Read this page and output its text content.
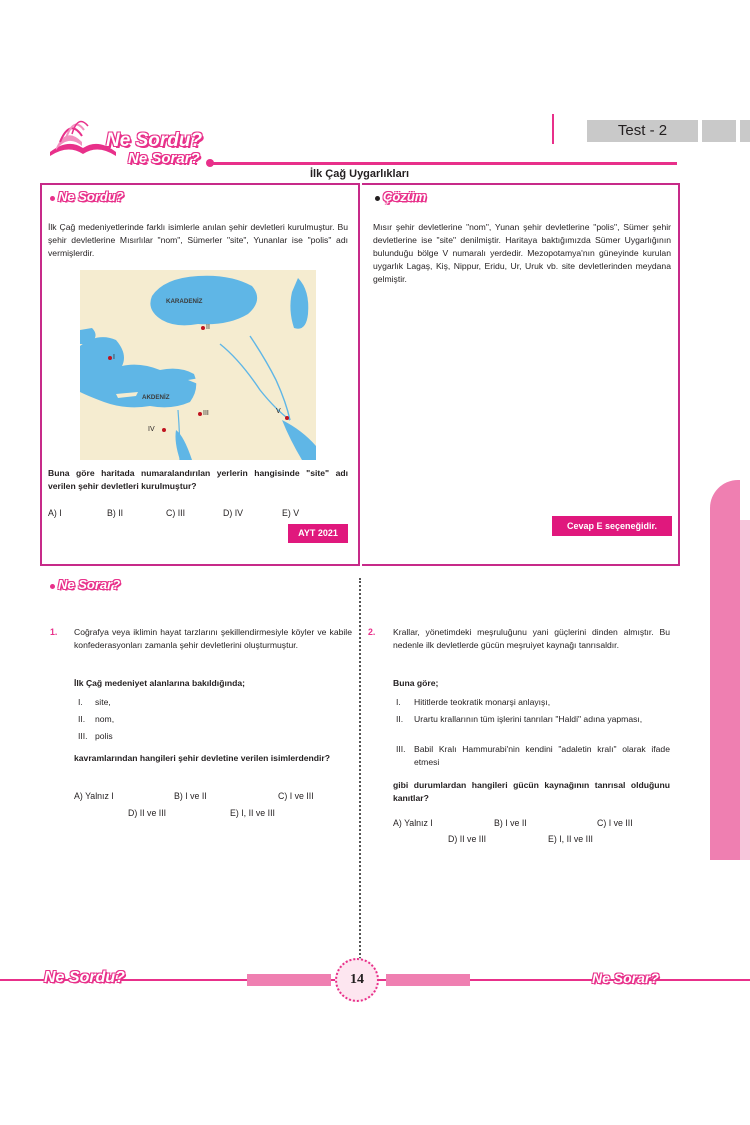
Ne Sordu?
Ne Sorar?
Test - 2
İlk Çağ Uygarlıkları
Ne Sordu?
İlk Çağ medeniyetlerinde farklı isimlerle anılan şehir devletleri kurulmuştur. Bu şehir devletlerine Mısırlılar "nom", Sümerler "site", Yunanlar ise "polis" adı vermişlerdir.
KARADENİZ
AKDENİZ
II
I
III
IV
V
Buna göre haritada numaralandırılan yerlerin hangisinde "site" adı verilen şehir devletleri kurulmuştur?
A) I	B) II	C) III	D) IV	E) V
AYT 2021
Çözüm
Mısır şehir devletlerine "nom", Yunan şehir devletlerine "polis", Sümer şehir devletlerine ise "site" denilmiştir. Haritaya baktığımızda Sümer Uygarlığının bulunduğu bölge V numaralı yerdedir. Mezopotamya'nın güneyinde kurulan uygarlık Lagaş, Kiş, Nippur, Eridu, Ur, Uruk vb. site devletlerinden meydana gelmiştir.
Cevap E seçeneğidir.
Ne Sorar?
1. Coğrafya veya iklimin hayat tarzlarını şekillendirmesiyle köyler ve kabile konfederasyonları zamanla şehir devletlerini oluşturmuştur.
İlk Çağ medeniyet alanlarına bakıldığında;
I. site,
II. nom,
III. polis
kavramlarından hangileri şehir devletine verilen isimlerdendir?
A) Yalnız I	B) I ve II	C) I ve III
D) II ve III	E) I, II ve III
2. Krallar, yönetimdeki meşruluğunu yani güçlerini dinden almıştır. Bu nedenle ilk devletlerde gücün meşruiyet kaynağı tanrısaldır.
Buna göre;
I. Hititlerde teokratik monarşi anlayışı,
II. Urartu krallarının tüm işlerini tanrıları "Haldi" adına yapması,
III. Babil Kralı Hammurabi'nin kendini "adaletin kralı" olarak ifade etmesi
gibi durumlardan hangileri gücün kaynağının tanrısal olduğunu kanıtlar?
A) Yalnız I	B) I ve II	C) I ve III
D) II ve III	E) I, II ve III
www.dizgikitap.com
Ne Sordu?	14	Ne Sorar?
